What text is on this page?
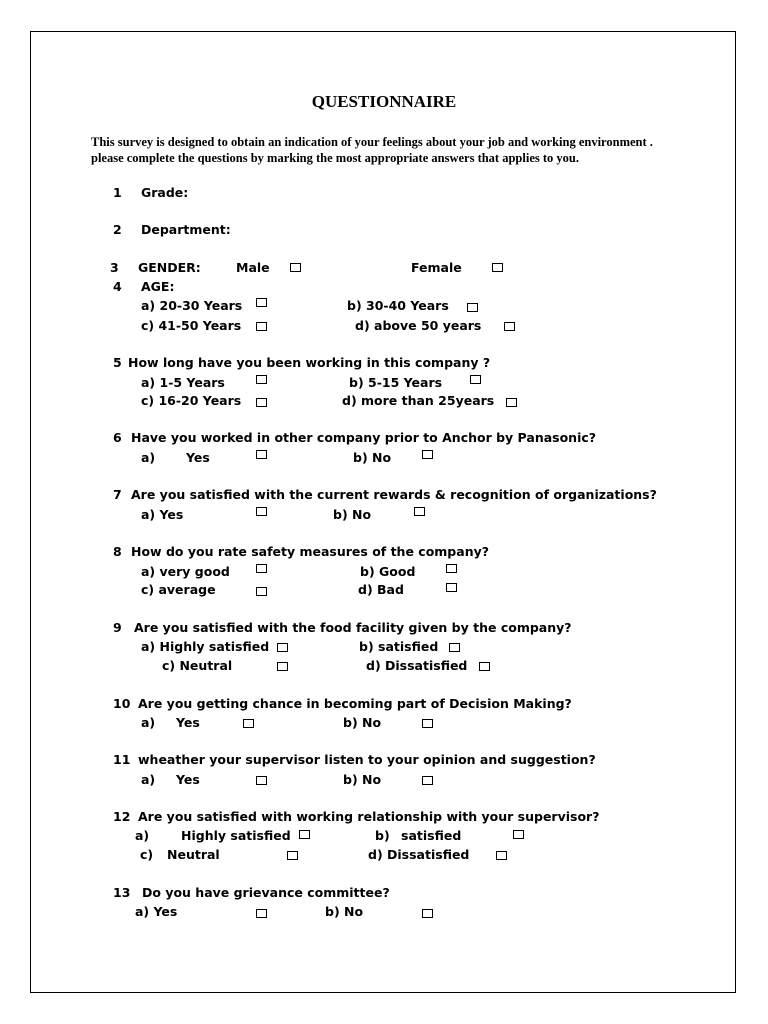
QUESTIONNAIRE
This survey is designed to obtain an indication of your feelings about your job and working environment .
please complete the questions by marking the most appropriate answers that applies to you.
1 Grade:
2 Department:
3 GENDER:	Male	Female
4 AGE:
a) 20-30 Years	b) 30-40 Years
c) 41-50 Years	d) above 50 years
5 How long have you been working in this company ?
a) 1-5 Years	b) 5-15 Years
c) 16-20 Years	d) more than 25years
6 Have you worked in other company prior to Anchor by Panasonic?
a) Yes	b) No
7 Are you satisfied with the current rewards & recognition of organizations?
a) Yes	b) No
8 How do you rate safety measures of the company?
a) very good	b) Good
c) average	d) Bad
9 Are you satisfied with the food facility given by the company?
a) Highly satisfied	b) satisfied
c) Neutral	d) Dissatisfied
10 Are you getting chance in becoming part of Decision Making?
a) Yes	b) No
11 wheather your supervisor listen to your opinion and suggestion?
a) Yes	b) No
12 Are you satisfied with working relationship with your supervisor?
a)	Highly satisfied	b) satisfied
c) Neutral	d) Dissatisfied
13 Do you have grievance committee?
a) Yes	b) No
